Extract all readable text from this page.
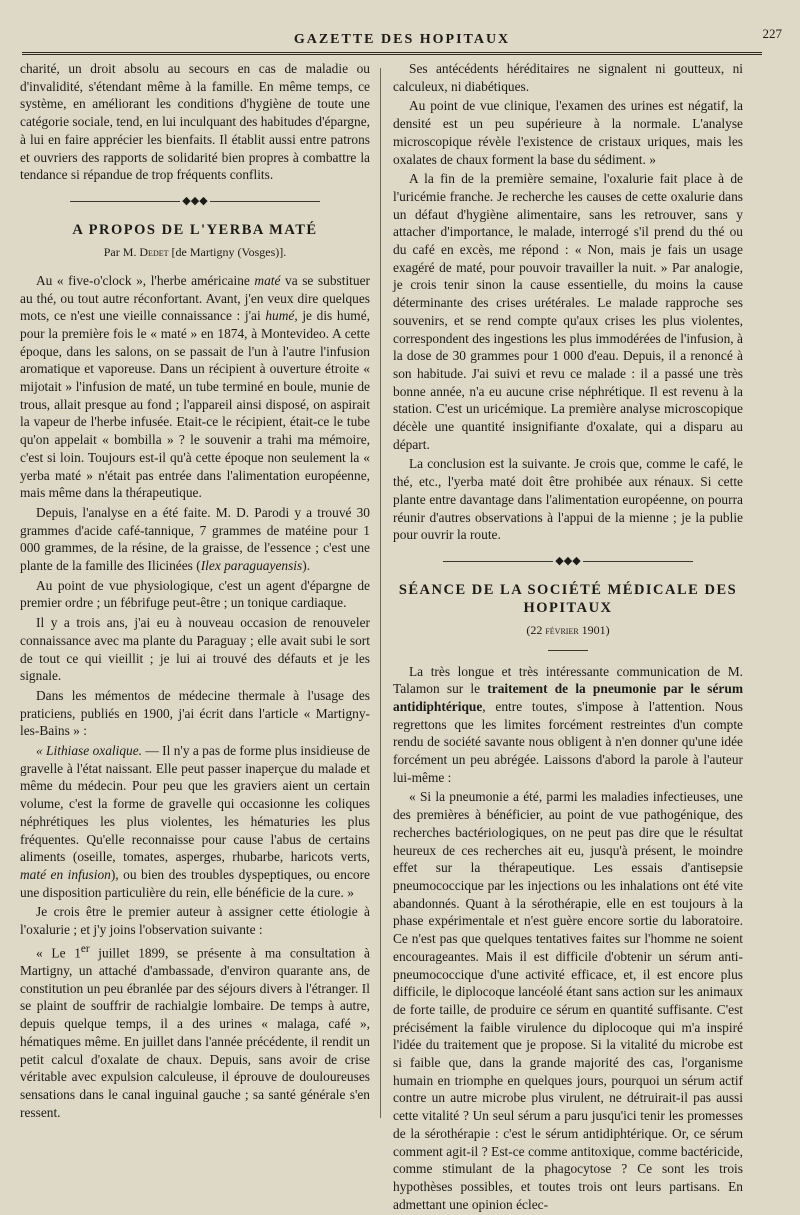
GAZETTE DES HOPITAUX	227

charité, un droit absolu au secours en cas de maladie ou d'invalidité, s'étendant même à la famille. En même temps, ce système, en améliorant les conditions d'hygiène de toute une catégorie sociale, tend, en lui inculquant des habitudes d'épargne, à lui en faire apprécier les bienfaits. Il établit aussi entre patrons et ouvriers des rapports de solidarité bien propres à combattre la tendance si répandue de trop fréquents conflits.

◆◆◆
A PROPOS DE L'YERBA MATÉ
Par M. Dedet [de Martigny (Vosges)].

Au « five-o'clock », l'herbe américaine maté va se substituer au thé, ou tout autre réconfortant. Avant, j'en veux dire quelques mots, ce n'est une vieille connaissance : j'ai humé, je dis humé, pour la première fois le « maté » en 1874, à Montevideo. A cette époque, dans les salons, on se passait de l'un à l'autre l'infusion aromatique et vaporeuse. Dans un récipient à ouverture étroite « mijotait » l'infusion de maté, un tube terminé en boule, munie de trous, allait presque au fond ; l'appareil ainsi disposé, on aspirait la vapeur de l'herbe infusée. Etait-ce le récipient, était-ce le tube qu'on appelait « bombilla » ? le souvenir a trahi ma mémoire, c'est si loin. Toujours est-il qu'à cette époque non seulement la « yerba maté » n'était pas entrée dans l'alimentation européenne, mais même dans la thérapeutique.

Depuis, l'analyse en a été faite. M. D. Parodi y a trouvé 30 grammes d'acide café-tannique, 7 grammes de matéine pour 1 000 grammes, de la résine, de la graisse, de l'essence ; c'est une plante de la famille des Ilicinées (Ilex paraguayensis).

Au point de vue physiologique, c'est un agent d'épargne de premier ordre ; un fébrifuge peut-être ; un tonique cardiaque.

Il y a trois ans, j'ai eu à nouveau occasion de renouveler connaissance avec ma plante du Paraguay ; elle avait subi le sort de tout ce qui vieillit ; je lui ai trouvé des défauts et je les signale.

Dans les mémentos de médecine thermale à l'usage des praticiens, publiés en 1900, j'ai écrit dans l'article « Martigny-les-Bains » :

« Lithiase oxalique. — Il n'y a pas de forme plus insidieuse de gravelle à l'état naissant. Elle peut passer inaperçue du malade et même du médecin. Pour peu que les graviers aient un certain volume, c'est la forme de gravelle qui occasionne les coliques néphrétiques les plus violentes, les hématuries les plus fréquentes. Qu'elle reconnaisse pour cause l'abus de certains aliments (oseille, tomates, asperges, rhubarbe, haricots verts, maté en infusion), ou bien des troubles dyspeptiques, ou encore une disposition particulière du rein, elle bénéficie de la cure. »

Je crois être le premier auteur à assigner cette étiologie à l'oxalurie ; et j'y joins l'observation suivante :

« Le 1er juillet 1899, se présente à ma consultation à Martigny, un attaché d'ambassade, d'environ quarante ans, de constitution un peu ébranlée par des séjours divers à l'étranger. Il se plaint de souffrir de rachialgie lombaire. De temps à autre, depuis quelque temps, il a des urines « malaga, café », hématiques même. En juillet dans l'année précédente, il rendit un petit calcul d'oxalate de chaux. Depuis, sans avoir de crise véritable avec expulsion calculeuse, il éprouve de douloureuses sensations dans le canal inguinal gauche ; sa santé générale s'en ressent.

Ses antécédents héréditaires ne signalent ni goutteux, ni calculeux, ni diabétiques.

Au point de vue clinique, l'examen des urines est négatif, la densité est un peu supérieure à la normale. L'analyse microscopique révèle l'existence de cristaux uriques, mais les oxalates de chaux forment la base du sédiment. »

A la fin de la première semaine, l'oxalurie fait place à de l'uricémie franche. Je recherche les causes de cette oxalurie dans un défaut d'hygiène alimentaire, sans les retrouver, sans y attacher d'importance, le malade, interrogé s'il prend du thé ou du café en excès, me répond : « Non, mais je fais un usage exagéré de maté, pour pouvoir travailler la nuit. » Par analogie, je crois tenir sinon la cause essentielle, du moins la cause déterminante des crises urétérales. Le malade rapproche ses souvenirs, et se rend compte qu'aux crises les plus violentes, correspondent des ingestions les plus immodérées de l'infusion, à la dose de 30 grammes pour 1 000 d'eau. Depuis, il a renoncé à son habitude. J'ai suivi et revu ce malade : il a passé une très bonne année, n'a eu aucune crise néphrétique. Il est revenu à la station. C'est un uricémique. La première analyse microscopique décèle une quantité insignifiante d'oxalate, qui a disparu au départ.

La conclusion est la suivante. Je crois que, comme le café, le thé, etc., l'yerba maté doit être prohibée aux rénaux. Si cette plante entre davantage dans l'alimentation européenne, on pourra réunir d'autres observations à l'appui de la mienne ; je la publie pour ouvrir la route.

◆◆◆
SÉANCE DE LA SOCIÉTÉ MÉDICALE DES HOPITAUX
(22 février 1901)

La très longue et très intéressante communication de M. Talamon sur le traitement de la pneumonie par le sérum antidiphtérique, entre toutes, s'impose à l'attention. Nous regrettons que les limites forcément restreintes d'un compte rendu de société savante nous obligent à n'en donner qu'une idée forcément un peu abrégée. Laissons d'abord la parole à l'auteur lui-même :

« Si la pneumonie a été, parmi les maladies infectieuses, une des premières à bénéficier, au point de vue pathogénique, des recherches bactériologiques, on ne peut pas dire que le résultat heureux de ces recherches ait eu, jusqu'à présent, le moindre effet sur la thérapeutique. Les essais d'antisepsie pneumococcique par les injections ou les inhalations ont été vite abandonnés. Quant à la sérothérapie, elle en est toujours à la phase expérimentale et n'est guère encore sortie du laboratoire. Ce n'est pas que quelques tentatives faites sur l'homme ne soient encourageantes. Mais il est difficile d'obtenir un sérum anti-pneumococcique d'une activité efficace, et, il est encore plus difficile, le diplocoque lancéolé étant sans action sur les animaux de forte taille, de produire ce sérum en quantité suffisante. C'est précisément la faible virulence du diplocoque qui m'a inspiré l'idée du traitement que je propose. Si la vitalité du microbe est si faible que, dans la grande majorité des cas, l'organisme humain en triomphe en quelques jours, pourquoi un sérum actif contre un autre microbe plus virulent, ne détruirait-il pas aussi cette vitalité ? Un seul sérum a paru jusqu'ici tenir les promesses de la sérothérapie : c'est le sérum antidiphtérique. Or, ce sérum comment agit-il ? Est-ce comme antitoxique, comme bactéricide, comme stimulant de la phagocytose ? Ce sont les trois hypothèses possibles, et toutes trois ont leurs partisans. En admettant une opinion éclec-
